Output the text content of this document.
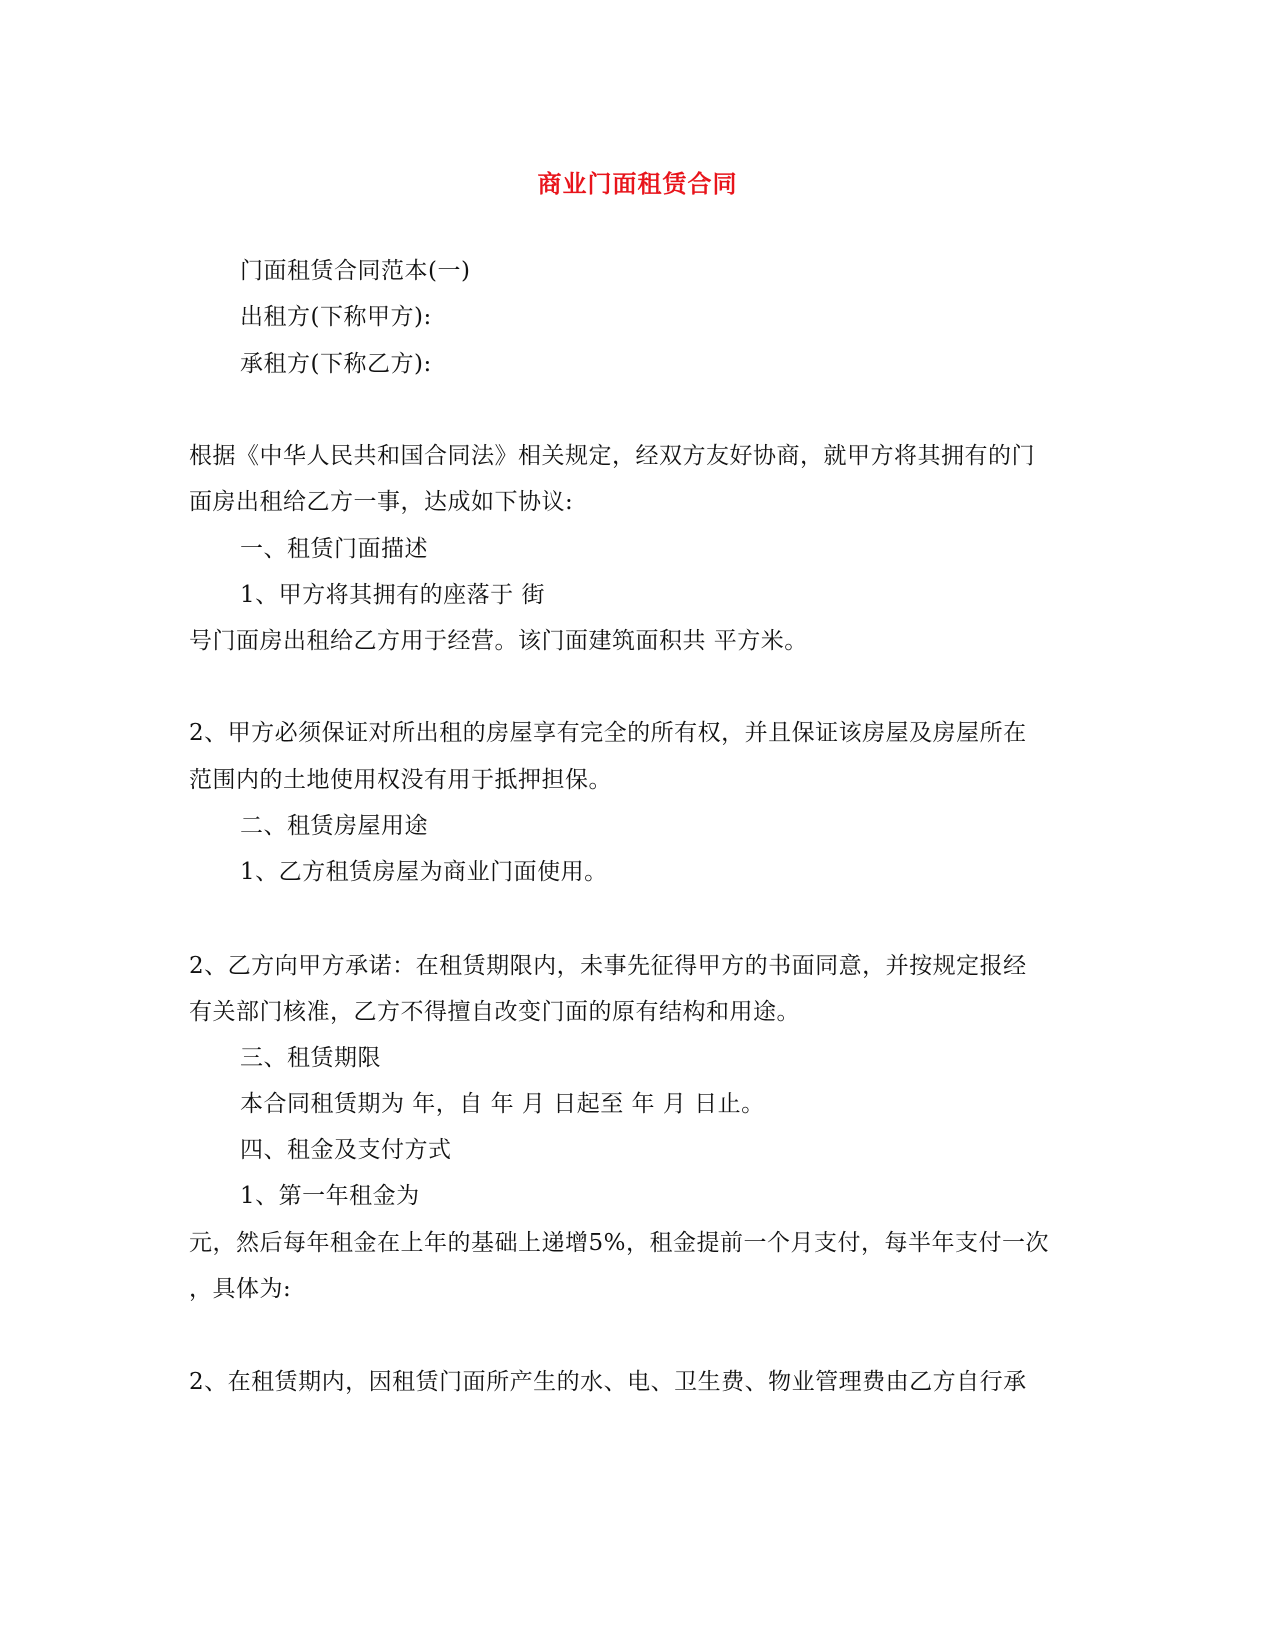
商业门面租赁合同
门面租赁合同范本(一)
出租方(下称甲方):
承租方(下称乙方):
根据《中华人民共和国合同法》相关规定，经双方友好协商，就甲方将其拥有的门
面房出租给乙方一事，达成如下协议:
一、租赁门面描述
1、甲方将其拥有的座落于 街
号门面房出租给乙方用于经营。该门面建筑面积共 平方米。
2、甲方必须保证对所出租的房屋享有完全的所有权，并且保证该房屋及房屋所在
范围内的土地使用权没有用于抵押担保。
二、租赁房屋用途
1、乙方租赁房屋为商业门面使用。
2、乙方向甲方承诺：在租赁期限内，未事先征得甲方的书面同意，并按规定报经
有关部门核准，乙方不得擅自改变门面的原有结构和用途。
三、租赁期限
本合同租赁期为 年，自 年 月 日起至 年 月 日止。
四、租金及支付方式
1、第一年租金为
元，然后每年租金在上年的基础上递增5%，租金提前一个月支付，每半年支付一次
，具体为:
2、在租赁期内，因租赁门面所产生的水、电、卫生费、物业管理费由乙方自行承
